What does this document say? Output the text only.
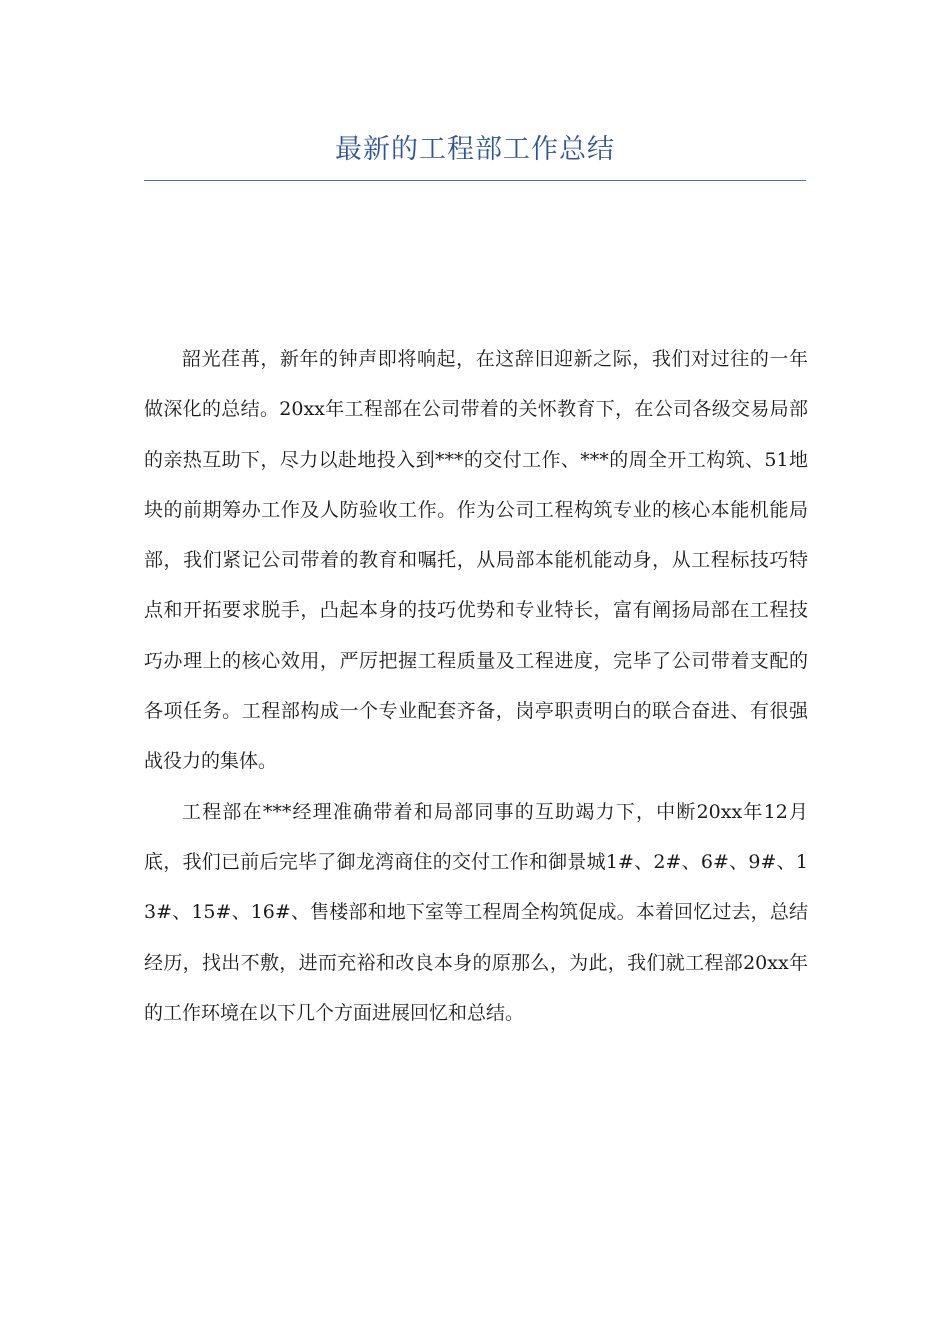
最新的工程部工作总结

韶光荏苒，新年的钟声即将响起，在这辞旧迎新之际，我们对过往的一年做深化的总结。20xx年工程部在公司带着的关怀教育下，在公司各级交易局部的亲热互助下，尽力以赴地投入到***的交付工作、***的周全开工构筑、51地块的前期筹办工作及人防验收工作。作为公司工程构筑专业的核心本能机能局部，我们紧记公司带着的教育和嘱托，从局部本能机能动身，从工程标技巧特点和开拓要求脱手，凸起本身的技巧优势和专业特长，富有阐扬局部在工程技巧办理上的核心效用，严厉把握工程质量及工程进度，完毕了公司带着支配的各项任务。工程部构成一个专业配套齐备，岗亭职责明白的联合奋进、有很强战役力的集体。

工程部在***经理准确带着和局部同事的互助竭力下，中断20xx年12月底，我们已前后完毕了御龙湾商住的交付工作和御景城1#、2#、6#、9#、13#、15#、16#、售楼部和地下室等工程周全构筑促成。本着回忆过去，总结经历，找出不敷，进而充裕和改良本身的原那么，为此，我们就工程部20xx年的工作环境在以下几个方面进展回忆和总结。
